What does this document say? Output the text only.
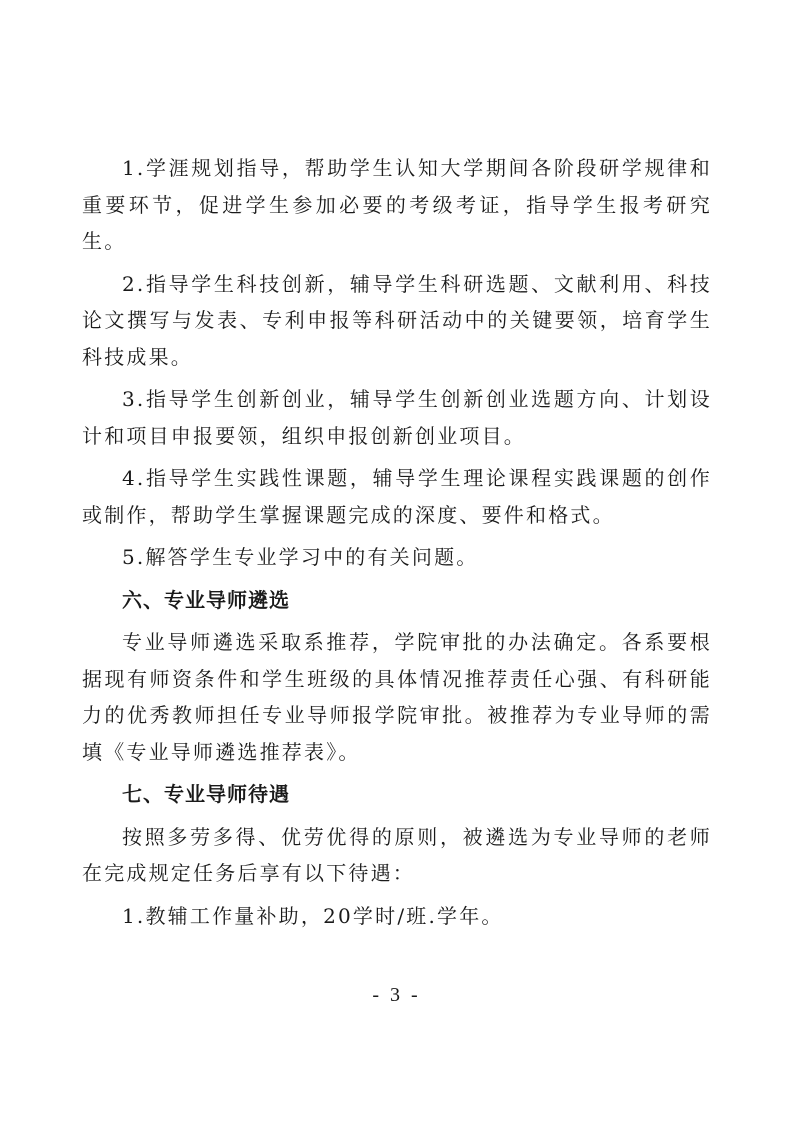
1.学涯规划指导，帮助学生认知大学期间各阶段研学规律和重要环节，促进学生参加必要的考级考证，指导学生报考研究生。

2.指导学生科技创新，辅导学生科研选题、文献利用、科技论文撰写与发表、专利申报等科研活动中的关键要领，培育学生科技成果。

3.指导学生创新创业，辅导学生创新创业选题方向、计划设计和项目申报要领，组织申报创新创业项目。

4.指导学生实践性课题，辅导学生理论课程实践课题的创作或制作，帮助学生掌握课题完成的深度、要件和格式。

5.解答学生专业学习中的有关问题。

六、专业导师遴选

专业导师遴选采取系推荐，学院审批的办法确定。各系要根据现有师资条件和学生班级的具体情况推荐责任心强、有科研能力的优秀教师担任专业导师报学院审批。被推荐为专业导师的需填《专业导师遴选推荐表》。

七、专业导师待遇

按照多劳多得、优劳优得的原则，被遴选为专业导师的老师在完成规定任务后享有以下待遇：

1.教辅工作量补助，20学时/班.学年。

- 3 -
